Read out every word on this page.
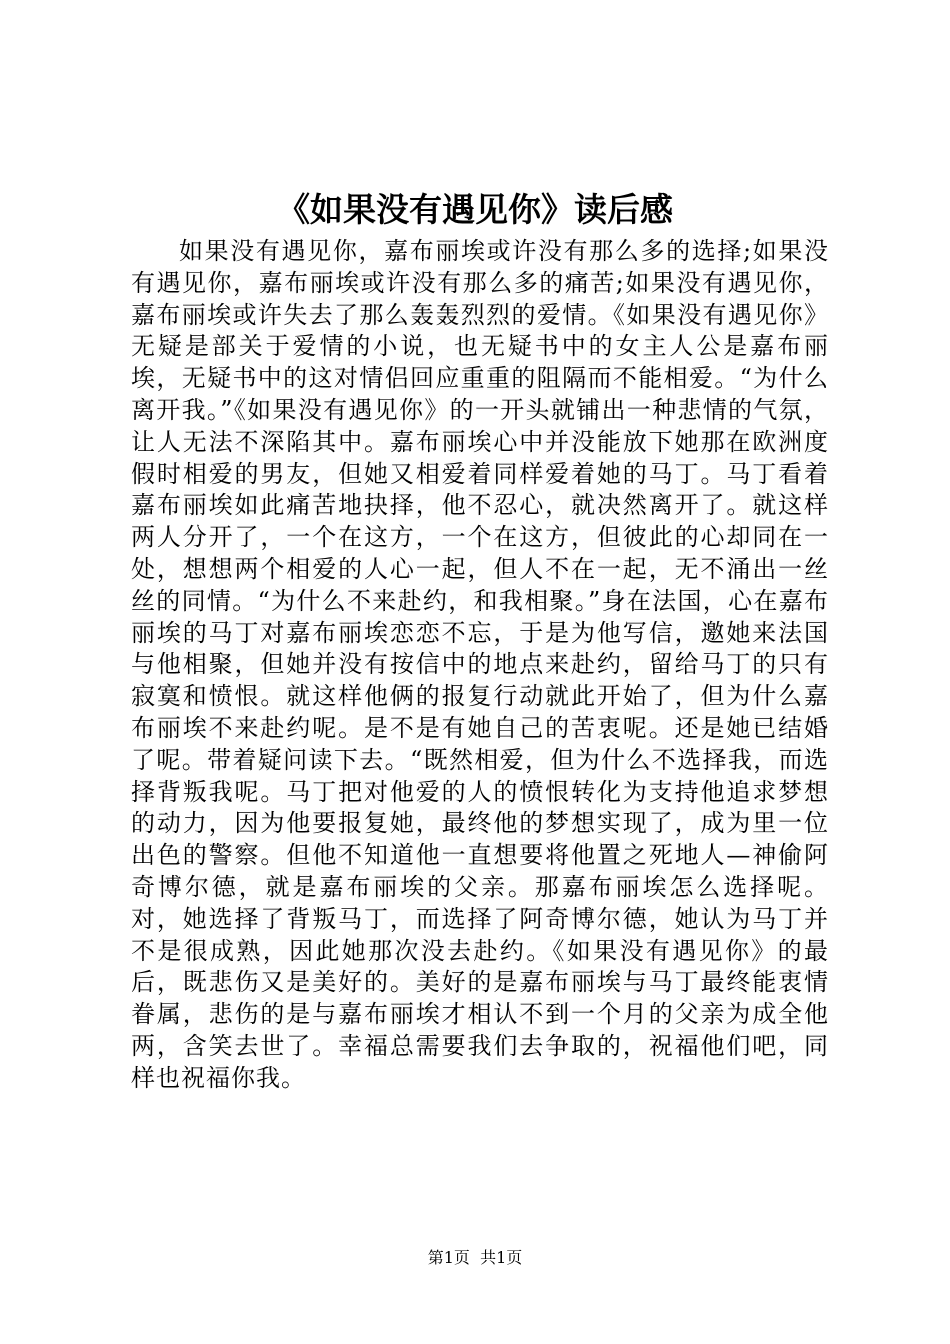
《如果没有遇见你》读后感

如果没有遇见你，嘉布丽埃或许没有那么多的选择;如果没有遇见你，嘉布丽埃或许没有那么多的痛苦;如果没有遇见你，嘉布丽埃或许失去了那么轰轰烈烈的爱情。《如果没有遇见你》无疑是部关于爱情的小说，也无疑书中的女主人公是嘉布丽埃，无疑书中的这对情侣回应重重的阻隔而不能相爱。“为什么离开我。”《如果没有遇见你》的一开头就铺出一种悲情的气氛，让人无法不深陷其中。嘉布丽埃心中并没能放下她那在欧洲度假时相爱的男友，但她又相爱着同样爱着她的马丁。马丁看着嘉布丽埃如此痛苦地抉择，他不忍心，就决然离开了。就这样两人分开了，一个在这方，一个在这方，但彼此的心却同在一处，想想两个相爱的人心一起，但人不在一起，无不涌出一丝丝的同情。“为什么不来赴约，和我相聚。”身在法国，心在嘉布丽埃的马丁对嘉布丽埃恋恋不忘，于是为他写信，邀她来法国与他相聚，但她并没有按信中的地点来赴约，留给马丁的只有寂寞和愤恨。就这样他俩的报复行动就此开始了，但为什么嘉布丽埃不来赴约呢。是不是有她自己的苦衷呢。还是她已结婚了呢。带着疑问读下去。“既然相爱，但为什么不选择我，而选择背叛我呢。马丁把对他爱的人的愤恨转化为支持他追求梦想的动力，因为他要报复她，最终他的梦想实现了，成为里一位出色的警察。但他不知道他一直想要将他置之死地人—神偷阿奇博尔德，就是嘉布丽埃的父亲。那嘉布丽埃怎么选择呢。对，她选择了背叛马丁，而选择了阿奇博尔德，她认为马丁并不是很成熟，因此她那次没去赴约。《如果没有遇见你》的最后，既悲伤又是美好的。美好的是嘉布丽埃与马丁最终能衷情眷属，悲伤的是与嘉布丽埃才相认不到一个月的父亲为成全他两，含笑去世了。幸福总需要我们去争取的，祝福他们吧，同样也祝福你我。

第1页 共1页
